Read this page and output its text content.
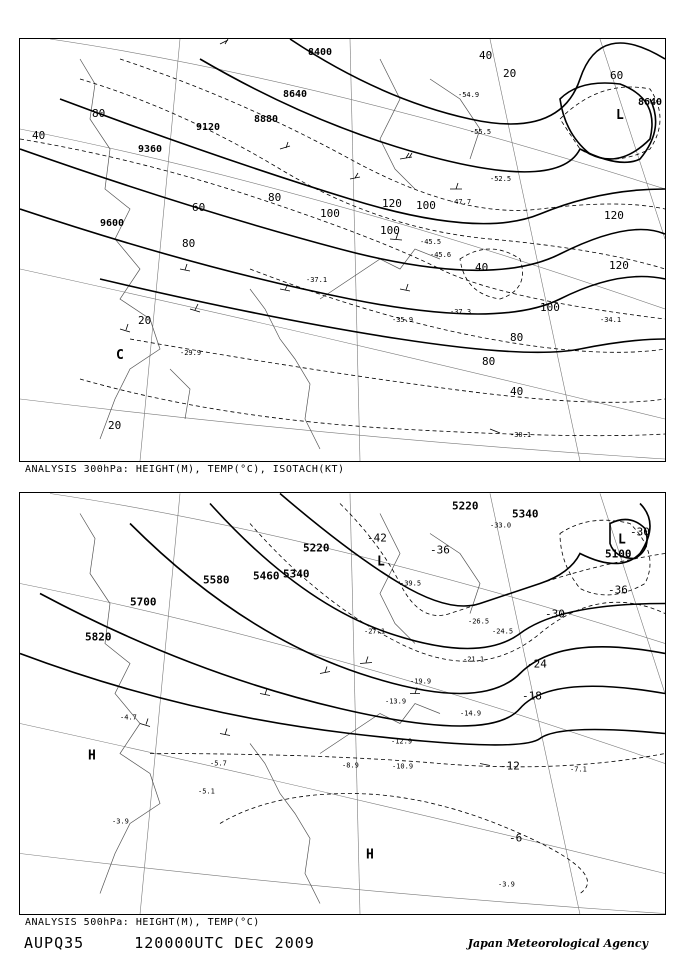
8400
8640
8880
9120
9360
9600
8640
40
80
120
100
120
100
80
80
40
40
80
120
100
40
20
20
20
60
80
100
60
L
C
-52.5
-45.5
-37.3
-35.9	-34.1
-29.9
-30.1
-37.1
-47.7
-55.5
-45.6
-54.9
ANALYSIS 300hPa: HEIGHT(M), TEMP(°C), ISOTACH(KT)
5100
5220
5340
5220
5340
5460
5580
5700
5820
-42
-36
-36
-30
-30
-24
-18
-12
-6
L
L
H
H
-26.5
-24.5
-21.1
-14.9
-12.9
-10.9	-7.1
-3.9
-5.7	-8.9
-13.9
-19.9
-27.1
-33.0
-39.5
-4.7
-5.1
-3.9
ANALYSIS 500hPa: HEIGHT(M), TEMP(°C)
AUPQ35	120000UTC DEC 2009	Japan Meteorological Agency
